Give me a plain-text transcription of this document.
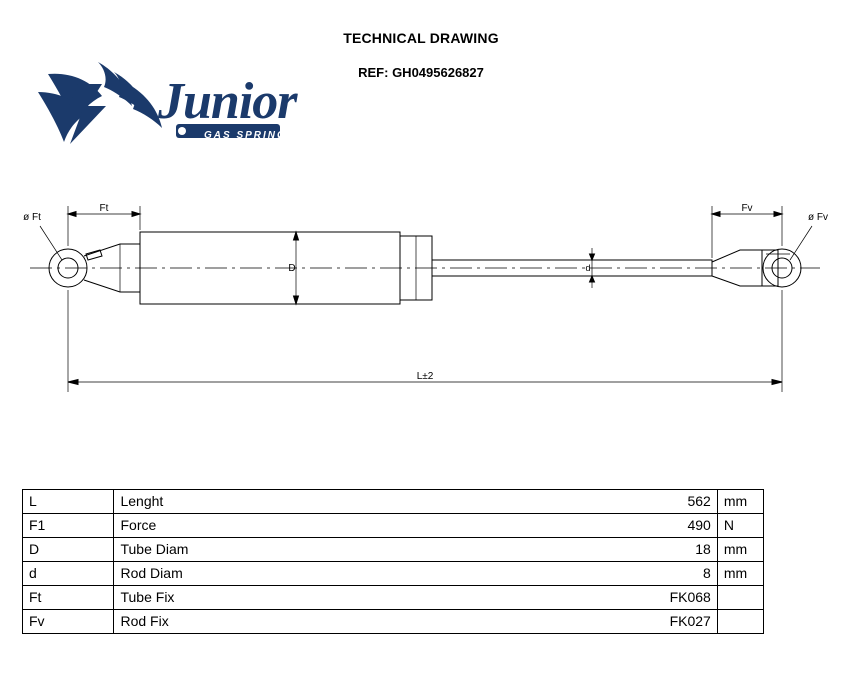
TECHNICAL DRAWING
REF: GH0495626827
Junior
GAS SPRING
Ft
ø Ft
Fv
ø Fv
D	d
L±2
L	Lenght	562	mm
F1	Force	490	N
D	Tube Diam	18	mm
d	Rod Diam	8	mm
Ft	Tube Fix	FK068	
Fv	Rod Fix	FK027	
